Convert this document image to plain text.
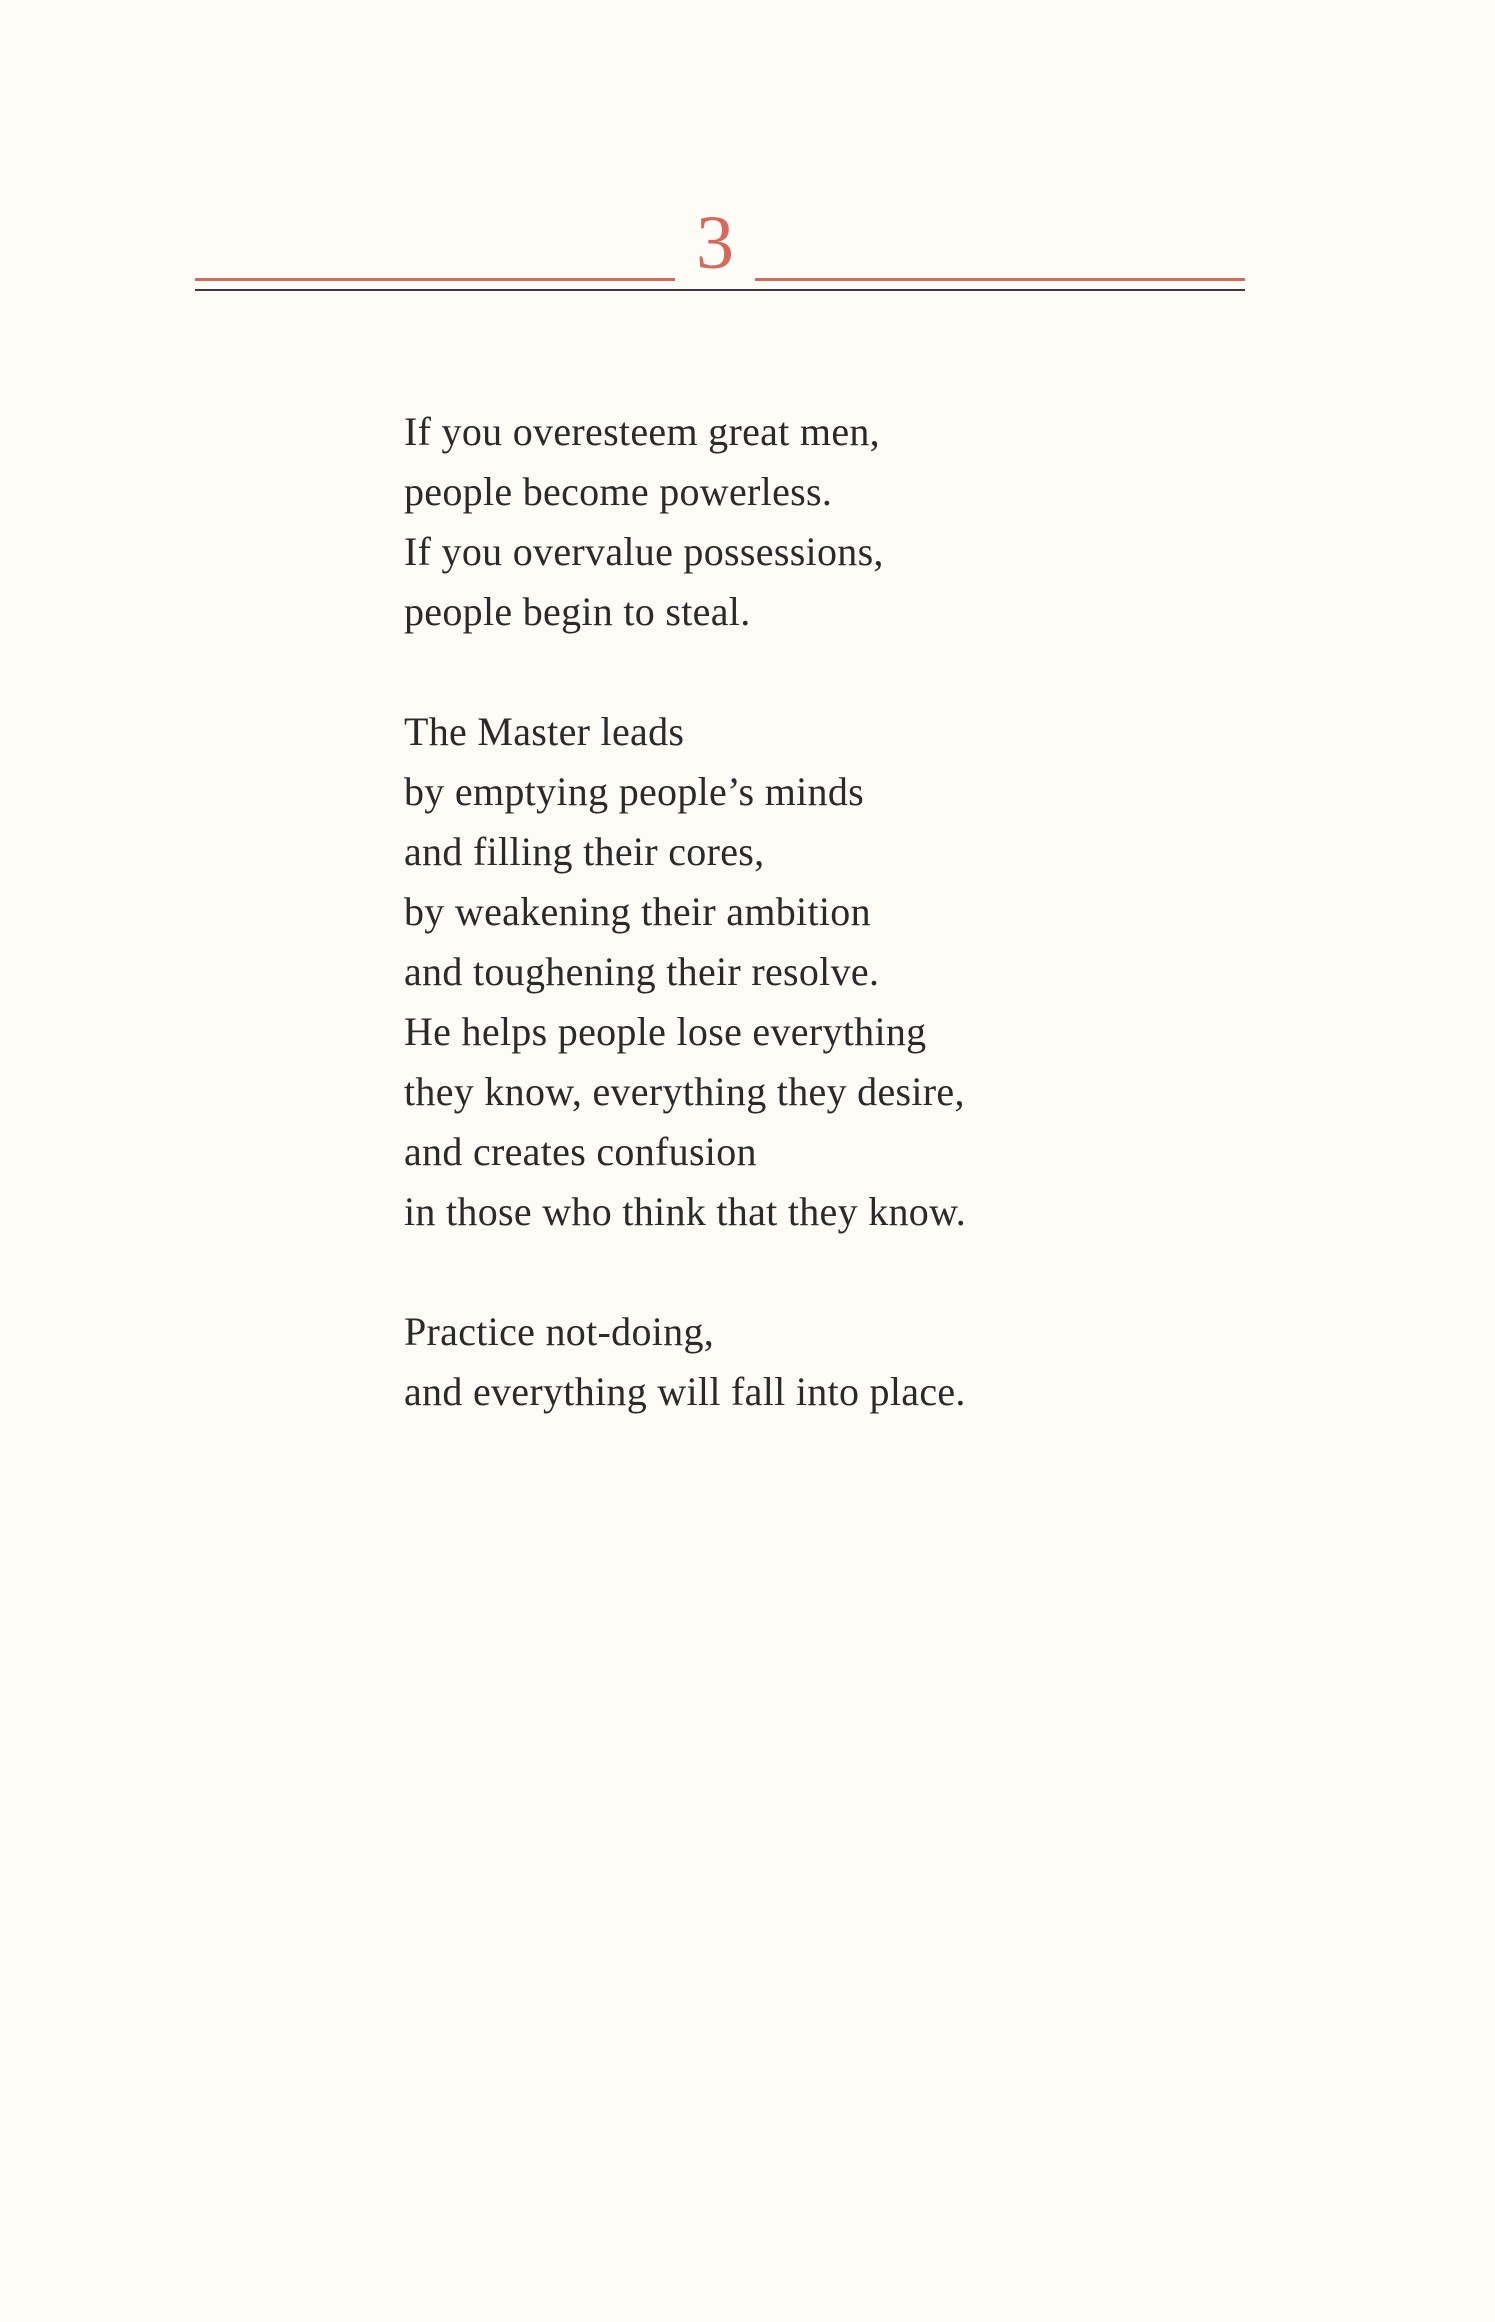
3
If you overesteem great men,
people become powerless.
If you overvalue possessions,
people begin to steal.
The Master leads
by emptying people’s minds
and filling their cores,
by weakening their ambition
and toughening their resolve.
He helps people lose everything
they know, everything they desire,
and creates confusion
in those who think that they know.
Practice not-doing,
and everything will fall into place.
